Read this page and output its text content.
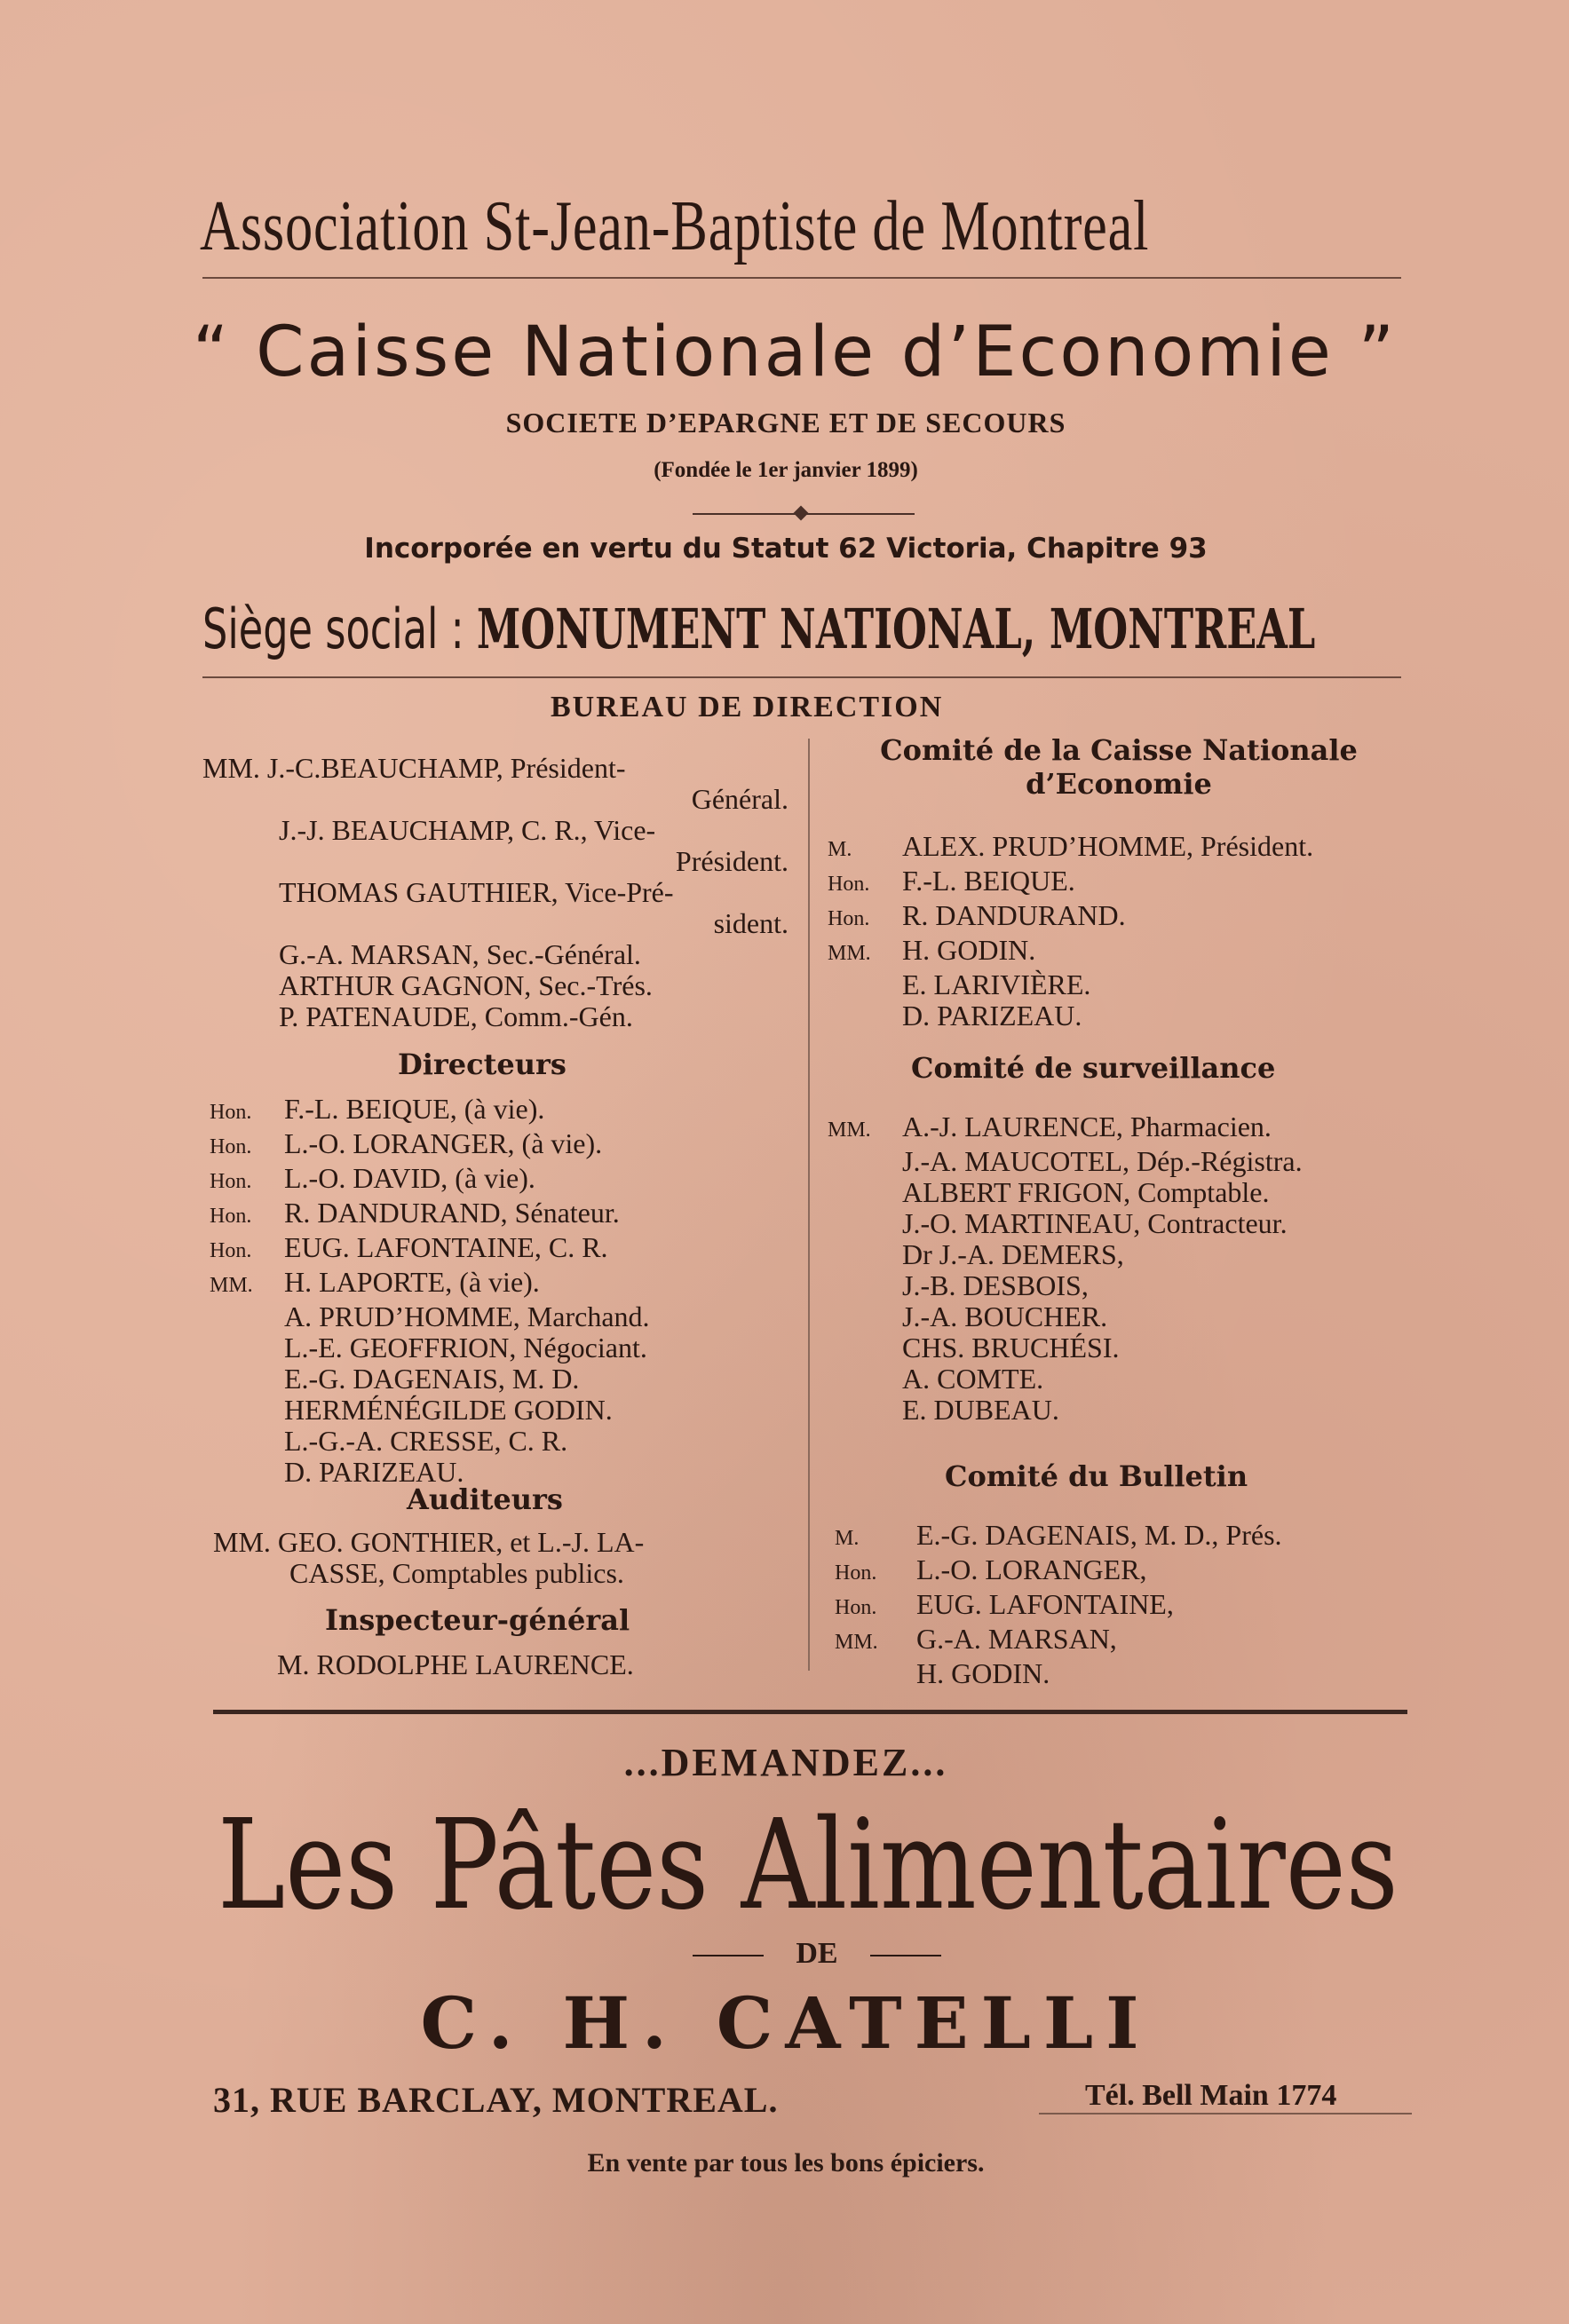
Association St-Jean-Baptiste de Montreal
“ Caisse Nationale d’Economie ”
SOCIETE D’EPARGNE ET DE SECOURS
(Fondée le 1er janvier 1899)
Incorporée en vertu du Statut 62 Victoria, Chapitre 93
Siège social : MONUMENT NATIONAL, MONTREAL
BUREAU DE DIRECTION
MM. J.-C.BEAUCHAMP, Président-
Général.
J.-J. BEAUCHAMP, C. R., Vice-
Président.
THOMAS GAUTHIER, Vice-Pré-
sident.
G.-A. MARSAN, Sec.-Général.
ARTHUR GAGNON, Sec.-Trés.
P. PATENAUDE, Comm.-Gén.
Directeurs
Hon. F.-L. BEIQUE, (à vie).
Hon. L.-O. LORANGER, (à vie).
Hon. L.-O. DAVID, (à vie).
Hon. R. DANDURAND, Sénateur.
Hon. EUG. LAFONTAINE, C. R.
MM. H. LAPORTE, (à vie).
A. PRUD’HOMME, Marchand.
L.-E. GEOFFRION, Négociant.
E.-G. DAGENAIS, M. D.
HERMÉNÉGILDE GODIN.
L.-G.-A. CRESSE, C. R.
D. PARIZEAU.
Auditeurs
MM. GEO. GONTHIER, et L.-J. LA-
CASSE, Comptables publics.
Inspecteur-général
M. RODOLPHE LAURENCE.
Comité de la Caisse Nationale
d’Economie
M. ALEX. PRUD’HOMME, Président.
Hon. F.-L. BEIQUE.
Hon. R. DANDURAND.
MM. H. GODIN.
E. LARIVIÈRE.
D. PARIZEAU.
Comité de surveillance
MM. A.-J. LAURENCE, Pharmacien.
J.-A. MAUCOTEL, Dép.-Régistra.
ALBERT FRIGON, Comptable.
J.-O. MARTINEAU, Contracteur.
Dr J.-A. DEMERS,
J.-B. DESBOIS,
J.-A. BOUCHER.
CHS. BRUCHÉSI.
A. COMTE.
E. DUBEAU.
Comité du Bulletin
M. E.-G. DAGENAIS, M. D., Prés.
Hon. L.-O. LORANGER,
Hon. EUG. LAFONTAINE,
MM. G.-A. MARSAN,
H. GODIN.
...DEMANDEZ...
Les Pâtes Alimentaires
DE
C. H. CATELLI
31, RUE BARCLAY, MONTREAL.	Tél. Bell Main 1774
En vente par tous les bons épiciers.
